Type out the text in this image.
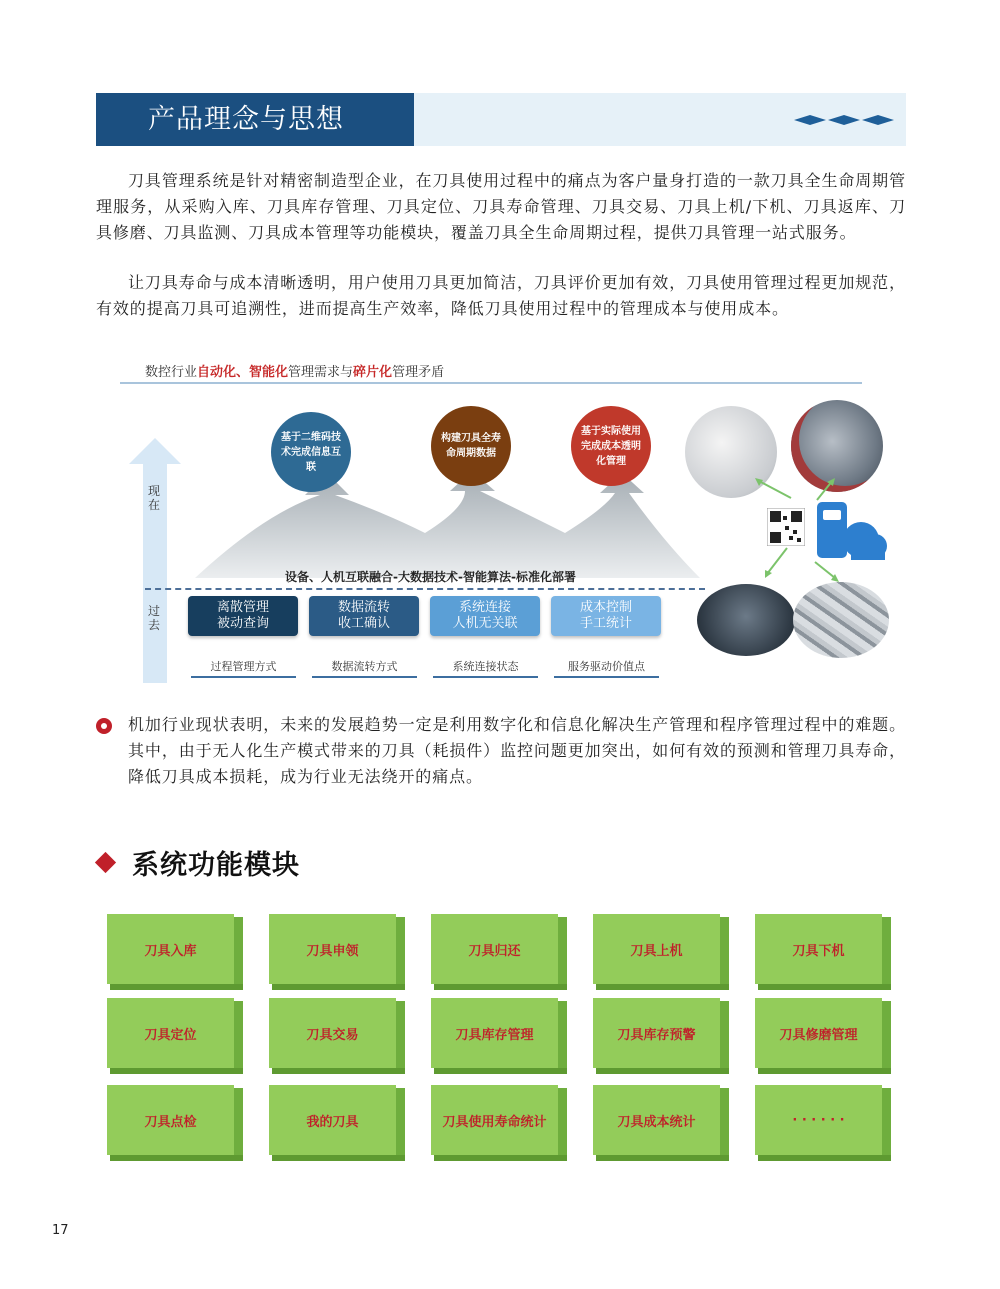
产品理念与思想

刀具管理系统是针对精密制造型企业，在刀具使用过程中的痛点为客户量身打造的一款刀具全生命周期管理服务，从采购入库、刀具库存管理、刀具定位、刀具寿命管理、刀具交易、刀具上机/下机、刀具返库、刀具修磨、刀具监测、刀具成本管理等功能模块，覆盖刀具全生命周期过程，提供刀具管理一站式服务。

让刀具寿命与成本清晰透明，用户使用刀具更加简洁，刀具评价更加有效，刀具使用管理过程更加规范，有效的提高刀具可追溯性，进而提高生产效率，降低刀具使用过程中的管理成本与使用成本。

数控行业自动化、智能化管理需求与碎片化管理矛盾
现在
过去
基于二维码技术完成信息互联
构建刀具全寿命周期数据
基于实际使用完成成本透明化管理
设备、人机互联融合-大数据技术-智能算法-标准化部署
离散管理
被动查询
数据流转
收工确认
系统连接
人机无关联
成本控制
手工统计
过程管理方式	数据流转方式	系统连接状态	服务驱动价值点

机加行业现状表明，未来的发展趋势一定是利用数字化和信息化解决生产管理和程序管理过程中的难题。其中，由于无人化生产模式带来的刀具（耗损件）监控问题更加突出，如何有效的预测和管理刀具寿命，降低刀具成本损耗，成为行业无法绕开的痛点。

系统功能模块
刀具入库	刀具申领	刀具归还	刀具上机	刀具下机
刀具定位	刀具交易	刀具库存管理	刀具库存预警	刀具修磨管理
刀具点检	我的刀具	刀具使用寿命统计	刀具成本统计	· · · · · ·
17
